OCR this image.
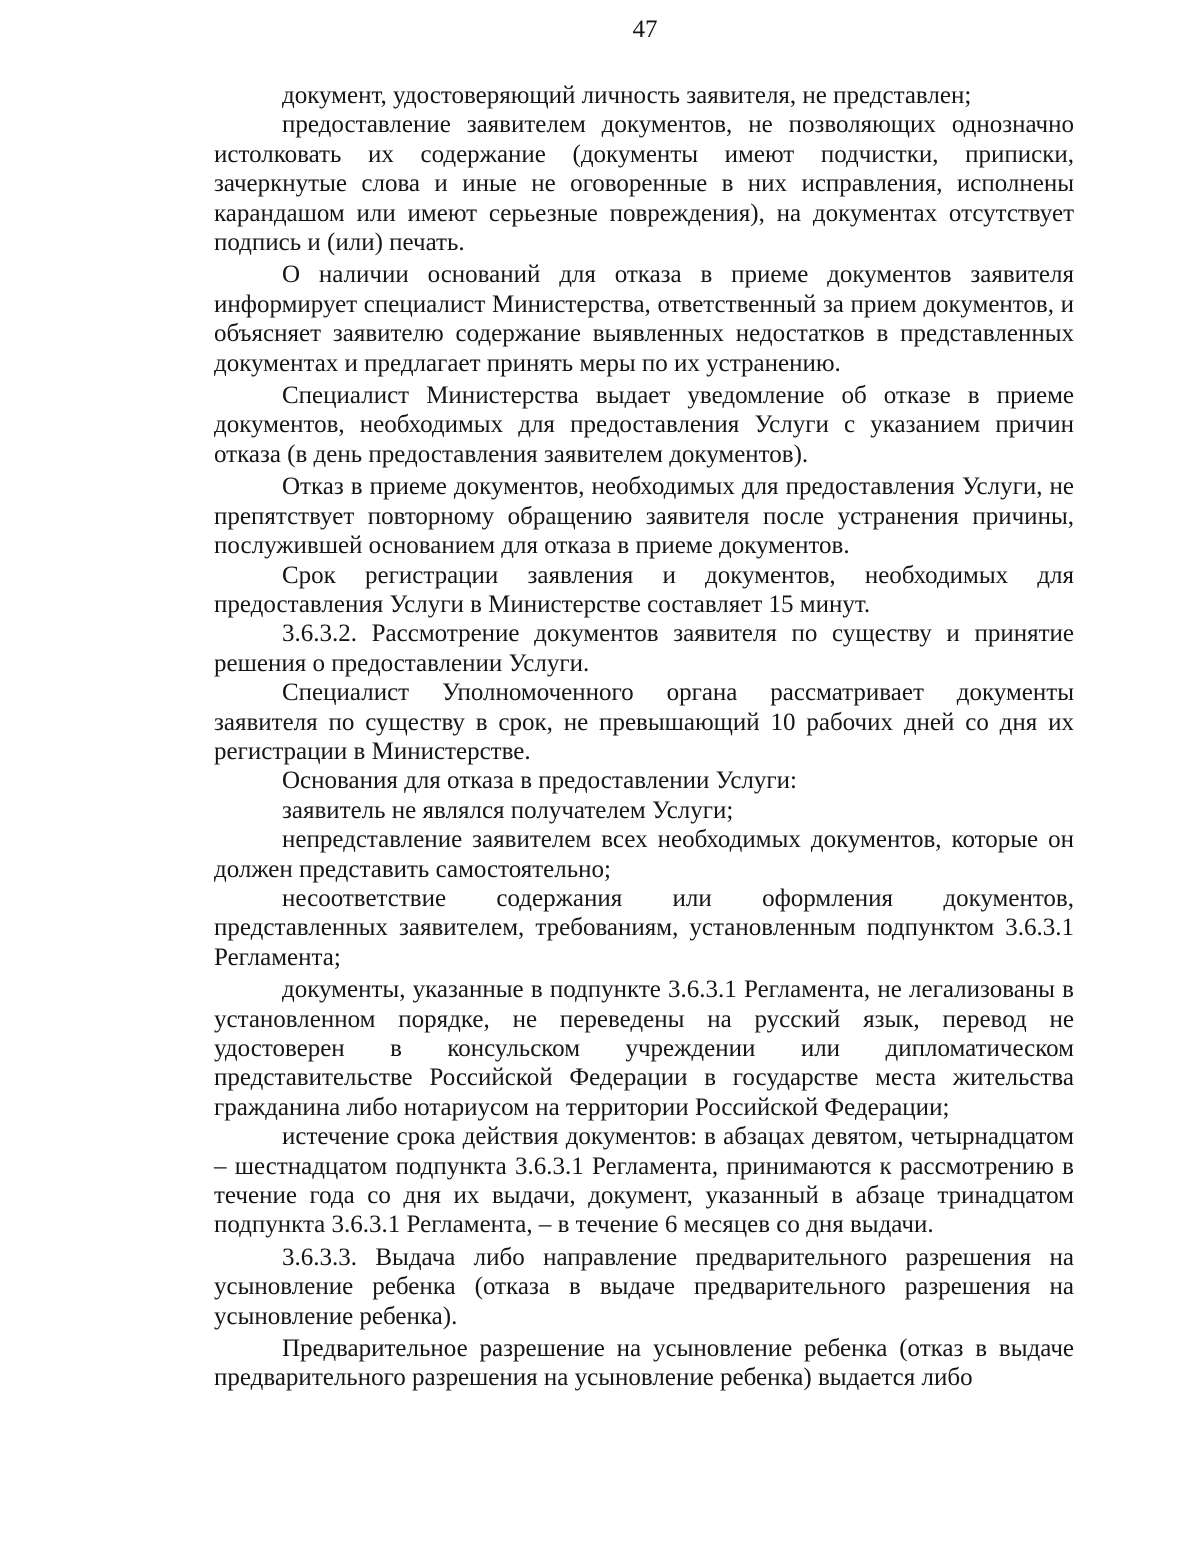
47

документ, удостоверяющий личность заявителя, не представлен;

предоставление заявителем документов, не позволяющих однозначно истолковать их содержание (документы имеют подчистки, приписки, зачеркнутые слова и иные не оговоренные в них исправления, исполнены карандашом или имеют серьезные повреждения), на документах отсутствует подпись и (или) печать.

О наличии оснований для отказа в приеме документов заявителя информирует специалист Министерства, ответственный за прием документов, и объясняет заявителю содержание выявленных недостатков в представленных документах и предлагает принять меры по их устранению.

Специалист Министерства выдает уведомление об отказе в приеме документов, необходимых для предоставления Услуги с указанием причин отказа (в день предоставления заявителем документов).

Отказ в приеме документов, необходимых для предоставления Услуги, не препятствует повторному обращению заявителя после устранения причины, послужившей основанием для отказа в приеме документов.

Срок регистрации заявления и документов, необходимых для предоставления Услуги в Министерстве составляет 15 минут.

3.6.3.2. Рассмотрение документов заявителя по существу и принятие решения о предоставлении Услуги.

Специалист Уполномоченного органа рассматривает документы заявителя по существу в срок, не превышающий 10 рабочих дней со дня их регистрации в Министерстве.

Основания для отказа в предоставлении Услуги:

заявитель не являлся получателем Услуги;

непредставление заявителем всех необходимых документов, которые он должен представить самостоятельно;

несоответствие содержания или оформления документов, представленных заявителем, требованиям, установленным подпунктом 3.6.3.1 Регламента;

документы, указанные в подпункте 3.6.3.1 Регламента, не легализованы в установленном порядке, не переведены на русский язык, перевод не удостоверен в консульском учреждении или дипломатическом представительстве Российской Федерации в государстве места жительства гражданина либо нотариусом на территории Российской Федерации;

истечение срока действия документов: в абзацах девятом, четырнадцатом – шестнадцатом подпункта 3.6.3.1 Регламента, принимаются к рассмотрению в течение года со дня их выдачи, документ, указанный в абзаце тринадцатом подпункта 3.6.3.1 Регламента, – в течение 6 месяцев со дня выдачи.

3.6.3.3. Выдача либо направление предварительного разрешения на усыновление ребенка (отказа в выдаче предварительного разрешения на усыновление ребенка).

Предварительное разрешение на усыновление ребенка (отказ в выдаче предварительного разрешения на усыновление ребенка) выдается либо
